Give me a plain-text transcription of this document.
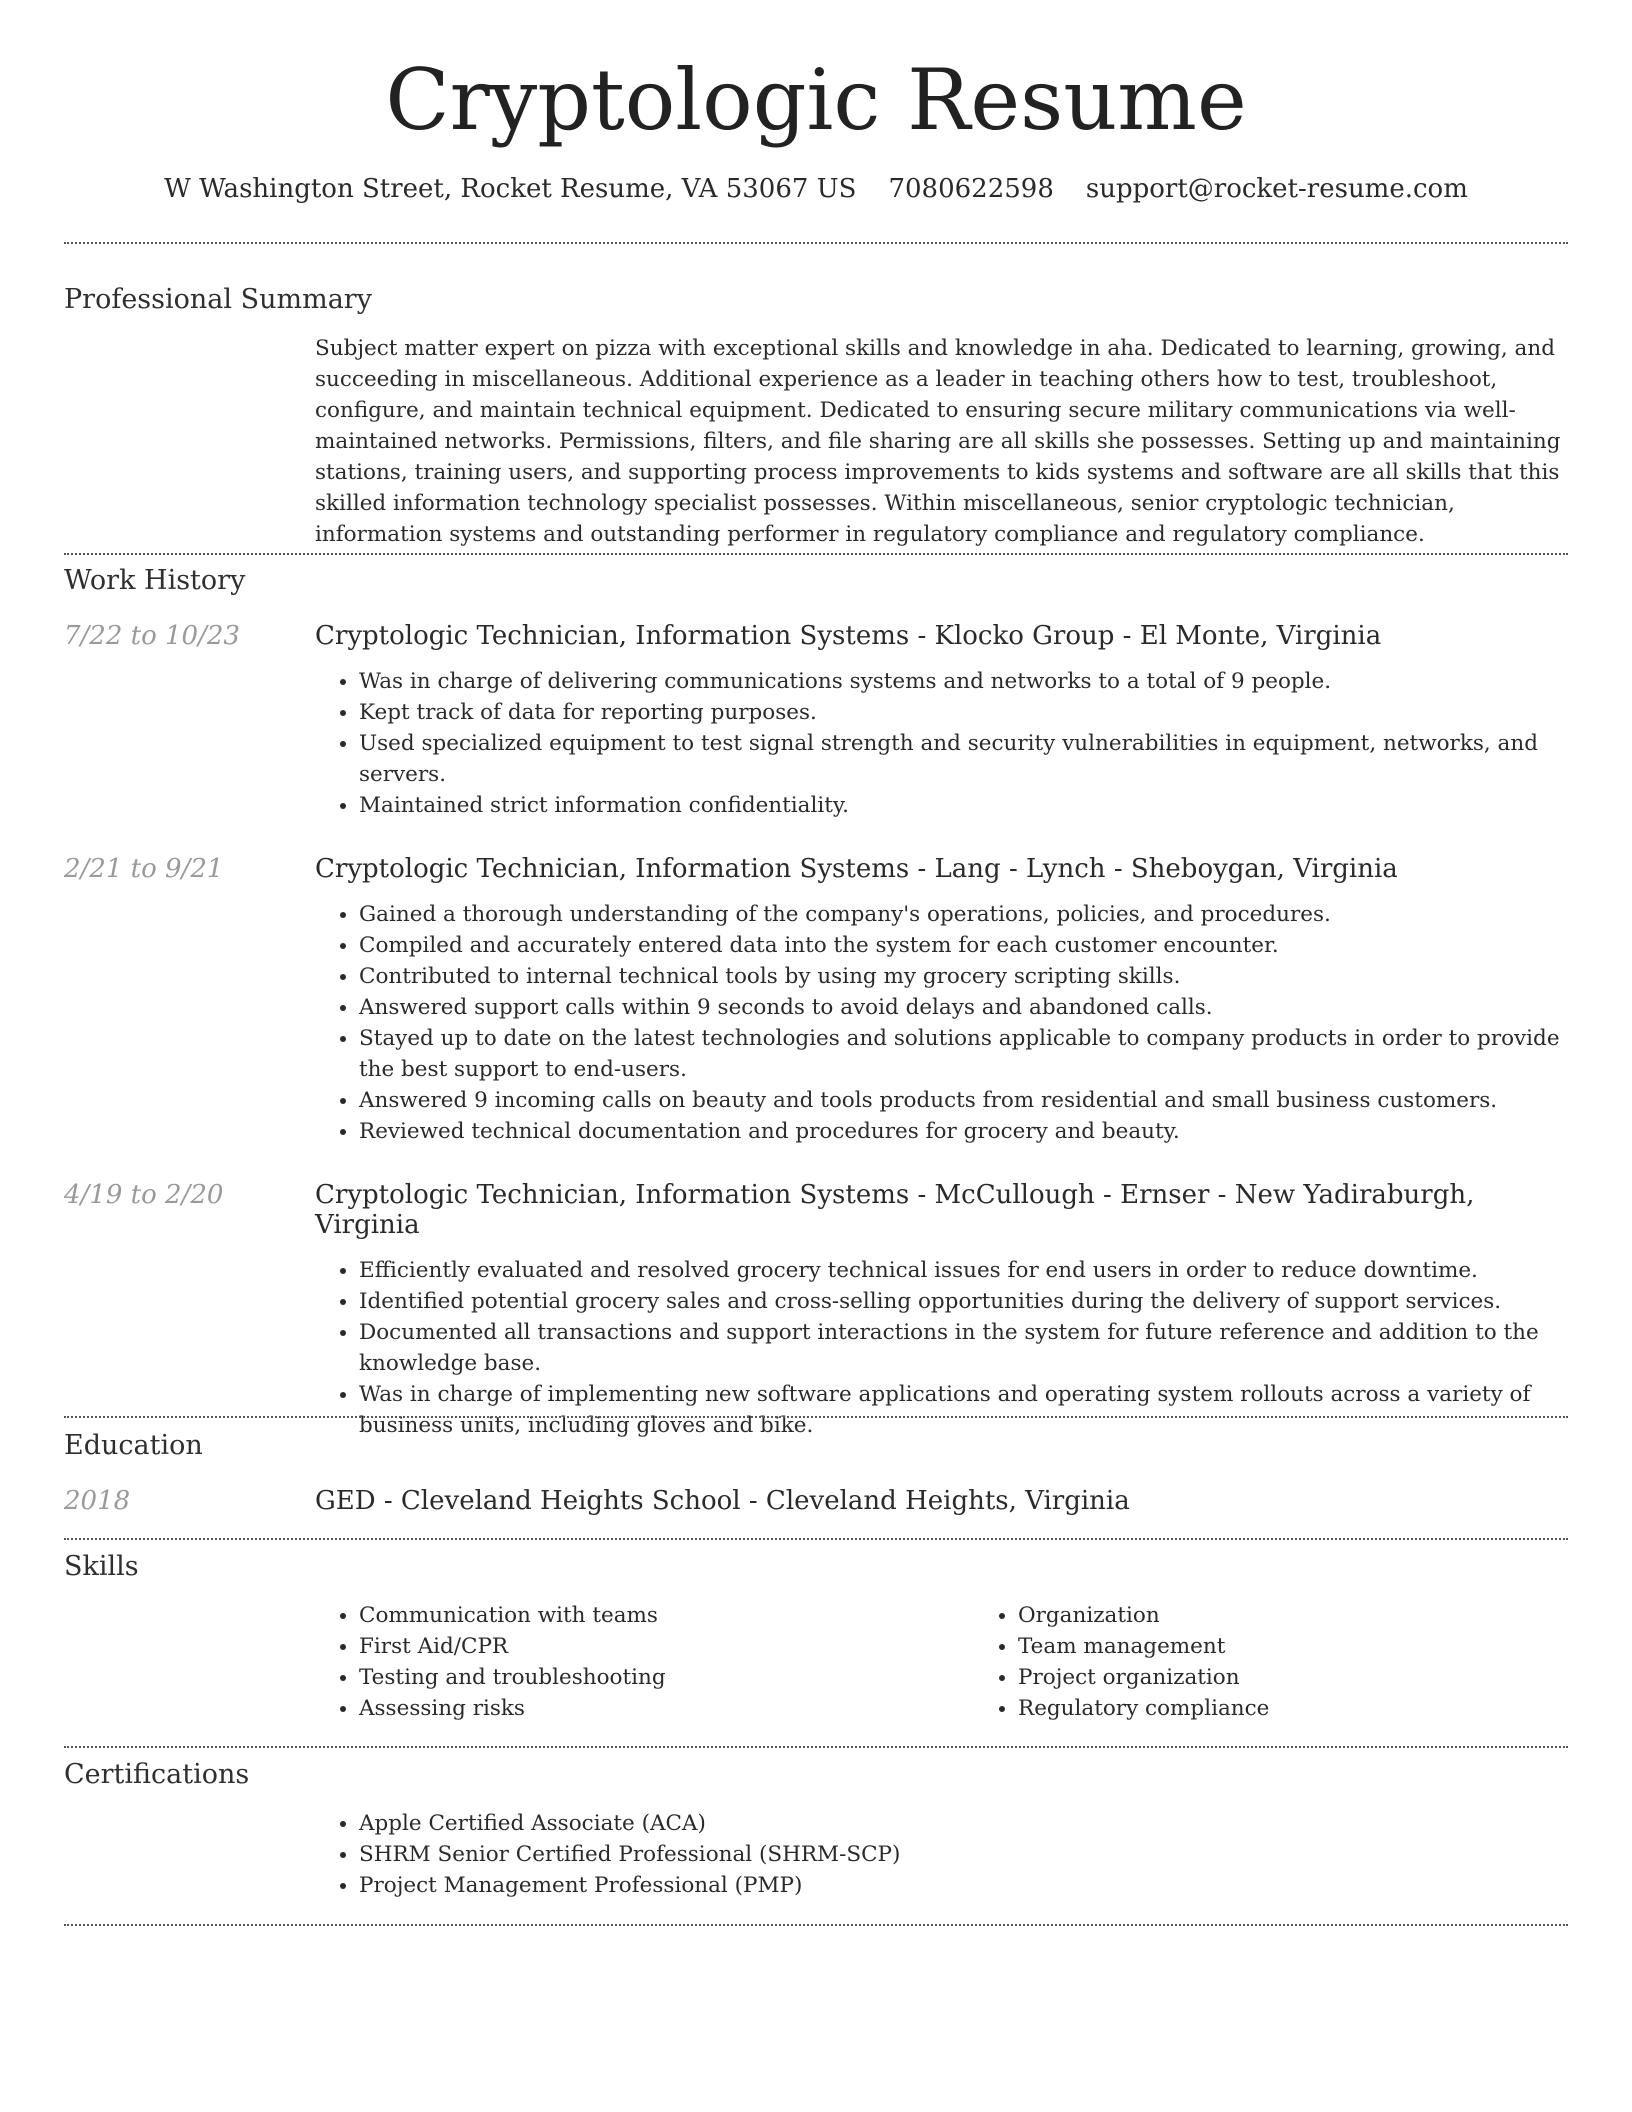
Cryptologic Resume
W Washington Street, Rocket Resume, VA 53067 US 7080622598 support@rocket-resume.com
Professional Summary

Subject matter expert on pizza with exceptional skills and knowledge in aha. Dedicated to learning, growing, and succeeding in miscellaneous. Additional experience as a leader in teaching others how to test, troubleshoot, configure, and maintain technical equipment. Dedicated to ensuring secure military communications via well-maintained networks. Permissions, filters, and file sharing are all skills she possesses. Setting up and maintaining stations, training users, and supporting process improvements to kids systems and software are all skills that this skilled information technology specialist possesses. Within miscellaneous, senior cryptologic technician, information systems and outstanding performer in regulatory compliance and regulatory compliance.

Work History
7/22 to 10/23	Cryptologic Technician, Information Systems - Klocko Group - El Monte, Virginia

• Was in charge of delivering communications systems and networks to a total of 9 people.
• Kept track of data for reporting purposes.
• Used specialized equipment to test signal strength and security vulnerabilities in equipment, networks, and servers.
• Maintained strict information confidentiality.
2/21 to 9/21	Cryptologic Technician, Information Systems - Lang - Lynch - Sheboygan, Virginia

• Gained a thorough understanding of the company's operations, policies, and procedures.
• Compiled and accurately entered data into the system for each customer encounter.
• Contributed to internal technical tools by using my grocery scripting skills.
• Answered support calls within 9 seconds to avoid delays and abandoned calls.
• Stayed up to date on the latest technologies and solutions applicable to company products in order to provide the best support to end-users.
• Answered 9 incoming calls on beauty and tools products from residential and small business customers.
• Reviewed technical documentation and procedures for grocery and beauty.
4/19 to 2/20	Cryptologic Technician, Information Systems - McCullough - Ernser - New Yadiraburgh, Virginia

• Efficiently evaluated and resolved grocery technical issues for end users in order to reduce downtime.
• Identified potential grocery sales and cross-selling opportunities during the delivery of support services.
• Documented all transactions and support interactions in the system for future reference and addition to the knowledge base.
• Was in charge of implementing new software applications and operating system rollouts across a variety of business units, including gloves and bike.
Education
2018	GED - Cleveland Heights School - Cleveland Heights, Virginia

Skills
• Communication with teams
• First Aid/CPR
• Testing and troubleshooting
• Assessing risks
• Organization
• Team management
• Project organization
• Regulatory compliance
Certifications
• Apple Certified Associate (ACA)
• SHRM Senior Certified Professional (SHRM-SCP)
• Project Management Professional (PMP)
